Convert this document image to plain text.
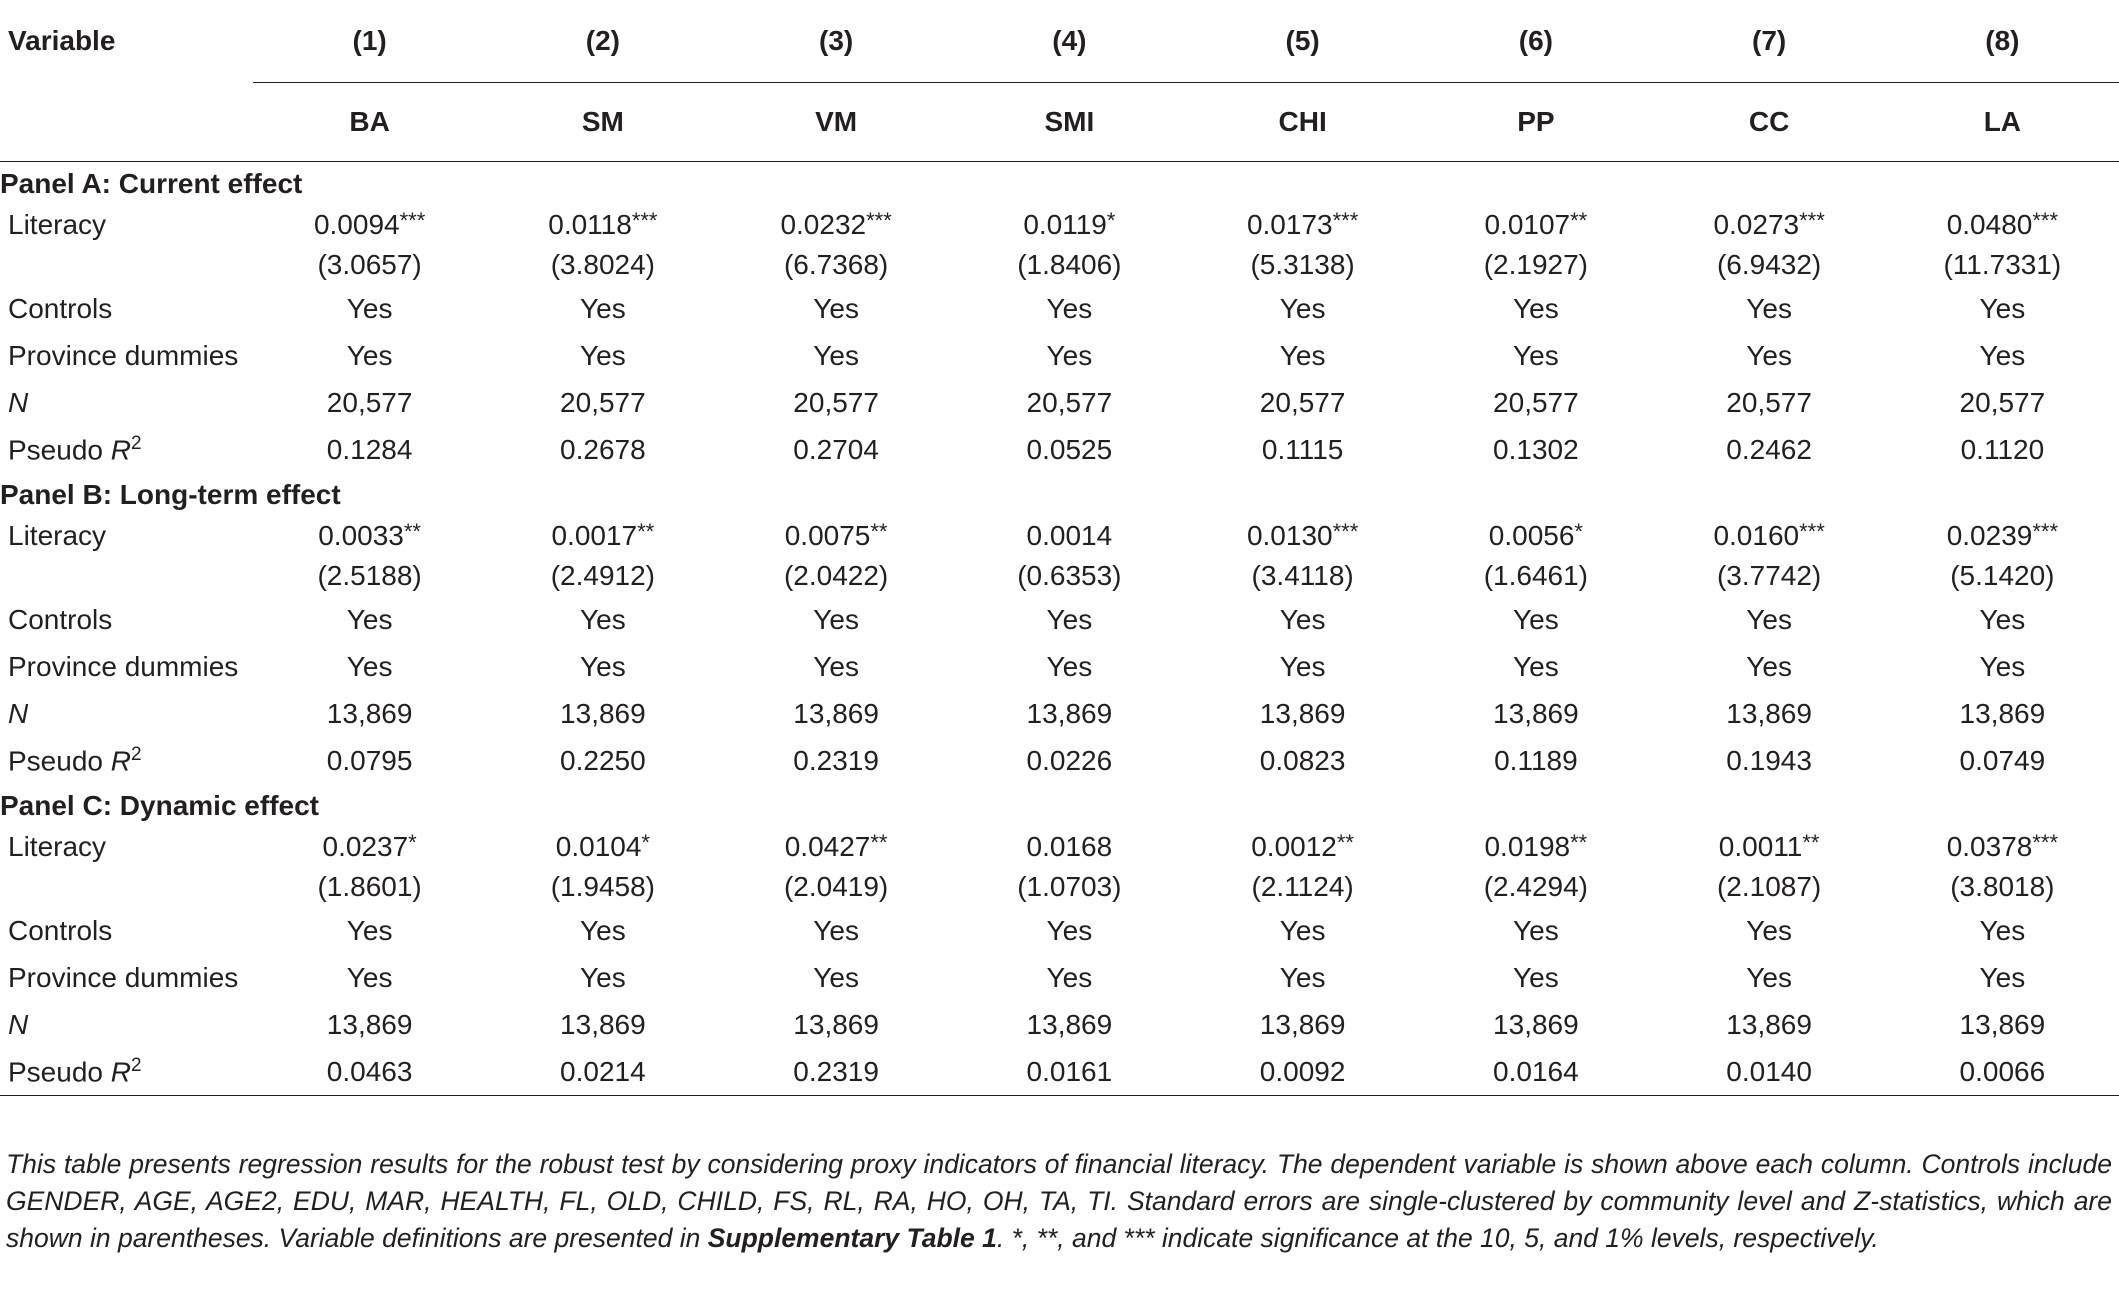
Variable	(1)	(2)	(3)	(4)	(5)	(6)	(7)	(8)
	BA	SM	VM	SMI	CHI	PP	CC	LA
Panel A: Current effect								
Literacy	0.0094***	0.0118***	0.0232***	0.0119*	0.0173***	0.0107**	0.0273***	0.0480***
	(3.0657)	(3.8024)	(6.7368)	(1.8406)	(5.3138)	(2.1927)	(6.9432)	(11.7331)
Controls	Yes	Yes	Yes	Yes	Yes	Yes	Yes	Yes
Province dummies	Yes	Yes	Yes	Yes	Yes	Yes	Yes	Yes
N	20,577	20,577	20,577	20,577	20,577	20,577	20,577	20,577
Pseudo $R^2$	0.1284	0.2678	0.2704	0.0525	0.1115	0.1302	0.2462	0.1120
Panel B: Long-term effect								
Literacy	0.0033**	0.0017**	0.0075**	0.0014	0.0130***	0.0056*	0.0160***	0.0239***
	(2.5188)	(2.4912)	(2.0422)	(0.6353)	(3.4118)	(1.6461)	(3.7742)	(5.1420)
Controls	Yes	Yes	Yes	Yes	Yes	Yes	Yes	Yes
Province dummies	Yes	Yes	Yes	Yes	Yes	Yes	Yes	Yes
N	13,869	13,869	13,869	13,869	13,869	13,869	13,869	13,869
Pseudo $R^2$	0.0795	0.2250	0.2319	0.0226	0.0823	0.1189	0.1943	0.0749
Panel C: Dynamic effect								
Literacy	0.0237*	0.0104*	0.0427**	0.0168	0.0012**	0.0198**	0.0011**	0.0378***
	(1.8601)	(1.9458)	(2.0419)	(1.0703)	(2.1124)	(2.4294)	(2.1087)	(3.8018)
Controls	Yes	Yes	Yes	Yes	Yes	Yes	Yes	Yes
Province dummies	Yes	Yes	Yes	Yes	Yes	Yes	Yes	Yes
N	13,869	13,869	13,869	13,869	13,869	13,869	13,869	13,869
Pseudo $R^2$	0.0463	0.0214	0.2319	0.0161	0.0092	0.0164	0.0140	0.0066
This table presents regression results for the robust test by considering proxy indicators of financial literacy. The dependent variable is shown above each column. Controls include GENDER, AGE, AGE2, EDU, MAR, HEALTH, FL, OLD, CHILD, FS, RL, RA, HO, OH, TA, TI. Standard errors are single-clustered by community level and Z-statistics, which are shown in parentheses. Variable definitions are presented in Supplementary Table 1. *, **, and *** indicate significance at the 10, 5, and 1% levels, respectively.
